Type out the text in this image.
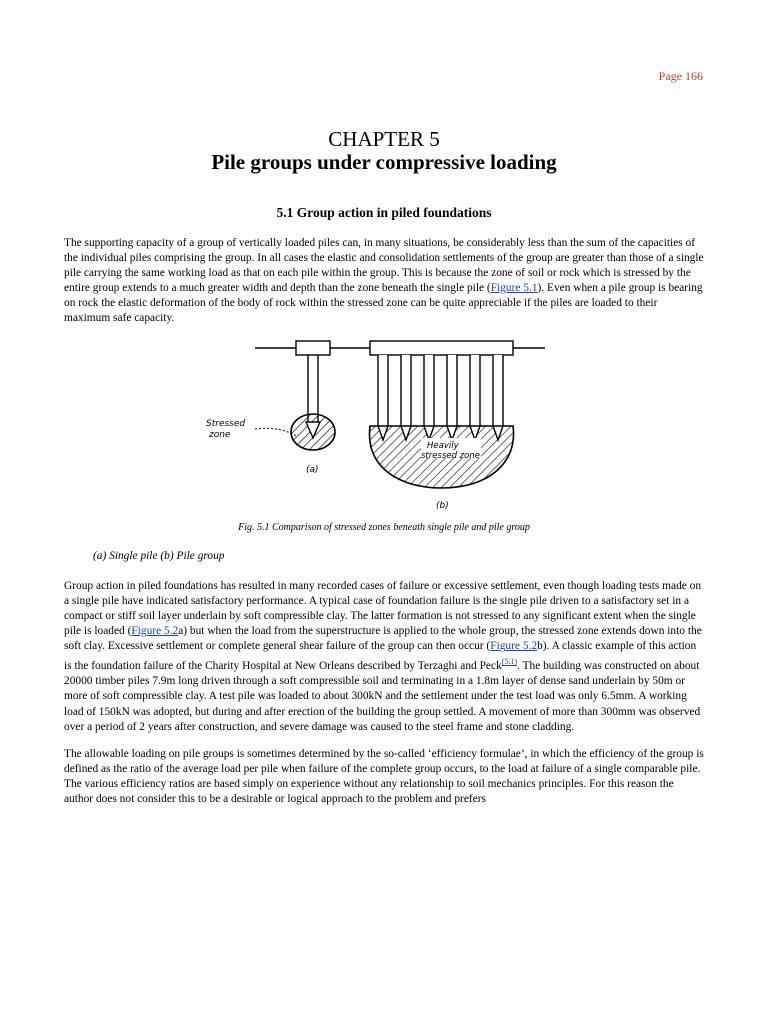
Page 166
CHAPTER 5
Pile groups under compressive loading
5.1 Group action in piled foundations

The supporting capacity of a group of vertically loaded piles can, in many situations, be considerably less than the sum of the capacities of the individual piles comprising the group. In all cases the elastic and consolidation settlements of the group are greater than those of a single pile carrying the same working load as that on each pile within the group. This is because the zone of soil or rock which is stressed by the entire group extends to a much greater width and depth than the zone beneath the single pile (Figure 5.1). Even when a pile group is bearing on rock the elastic deformation of the body of rock within the stressed zone can be quite appreciable if the piles are loaded to their maximum safe capacity.

Stressed
zone
(a)
Heavily
stressed zone
(b)
Fig. 5.1 Comparison of stressed zones beneath single pile and pile group
(a) Single pile (b) Pile group

Group action in piled foundations has resulted in many recorded cases of failure or excessive settlement, even though loading tests made on a single pile have indicated satisfactory performance. A typical case of foundation failure is the single pile driven to a satisfactory set in a compact or stiff soil layer underlain by soft compressible clay. The latter formation is not stressed to any significant extent when the single pile is loaded (Figure 5.2a) but when the load from the superstructure is applied to the whole group, the stressed zone extends down into the soft clay. Excessive settlement or complete general shear failure of the group can then occur (Figure 5.2b). A classic example of this action is the foundation failure of the Charity Hospital at New Orleans described by Terzaghi and Peck$^{(5.1)}$. The building was constructed on about 20000 timber piles 7.9m long driven through a soft compressible soil and terminating in a 1.8m layer of dense sand underlain by 50m or more of soft compressible clay. A test pile was loaded to about 300kN and the settlement under the test load was only 6.5mm. A working load of 150kN was adopted, but during and after erection of the building the group settled. A movement of more than 300mm was observed over a period of 2 years after construction, and severe damage was caused to the steel frame and stone cladding.

The allowable loading on pile groups is sometimes determined by the so-called ‘efficiency formulae’, in which the efficiency of the group is defined as the ratio of the average load per pile when failure of the complete group occurs, to the load at failure of a single comparable pile. The various efficiency ratios are based simply on experience without any relationship to soil mechanics principles. For this reason the author does not consider this to be a desirable or logical approach to the problem and prefers
